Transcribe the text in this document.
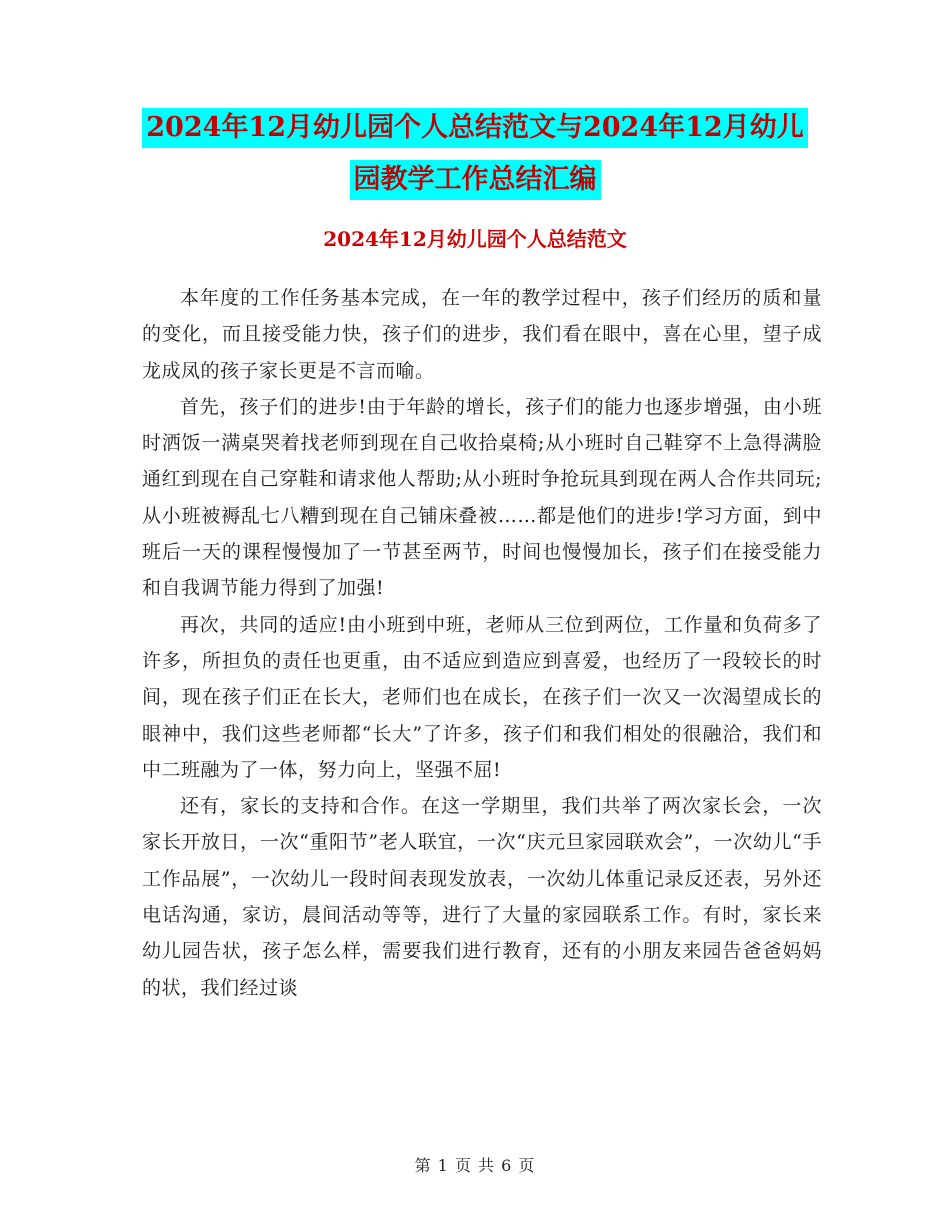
2024年12月幼儿园个人总结范文与2024年12月幼儿
园教学工作总结汇编
2024年12月幼儿园个人总结范文

本年度的工作任务基本完成，在一年的教学过程中，孩子们经历的质和量的变化，而且接受能力快，孩子们的进步，我们看在眼中，喜在心里，望子成龙成凤的孩子家长更是不言而喻。

首先，孩子们的进步!由于年龄的增长，孩子们的能力也逐步增强，由小班时洒饭一满桌哭着找老师到现在自己收拾桌椅;从小班时自己鞋穿不上急得满脸通红到现在自己穿鞋和请求他人帮助;从小班时争抢玩具到现在两人合作共同玩;从小班被褥乱七八糟到现在自己铺床叠被……都是他们的进步!学习方面，到中班后一天的课程慢慢加了一节甚至两节，时间也慢慢加长，孩子们在接受能力和自我调节能力得到了加强!

再次，共同的适应!由小班到中班，老师从三位到两位，工作量和负荷多了许多，所担负的责任也更重，由不适应到造应到喜爱，也经历了一段较长的时间，现在孩子们正在长大，老师们也在成长，在孩子们一次又一次渴望成长的眼神中，我们这些老师都“长大”了许多，孩子们和我们相处的很融洽，我们和中二班融为了一体，努力向上，坚强不屈!

还有，家长的支持和合作。在这一学期里，我们共举了两次家长会，一次家长开放日，一次“重阳节”老人联宜，一次“庆元旦家园联欢会”，一次幼儿“手工作品展”，一次幼儿一段时间表现发放表，一次幼儿体重记录反还表，另外还电话沟通，家访，晨间活动等等，进行了大量的家园联系工作。有时，家长来幼儿园告状，孩子怎么样，需要我们进行教育，还有的小朋友来园告爸爸妈妈的状，我们经过谈

第 1 页 共 6 页
